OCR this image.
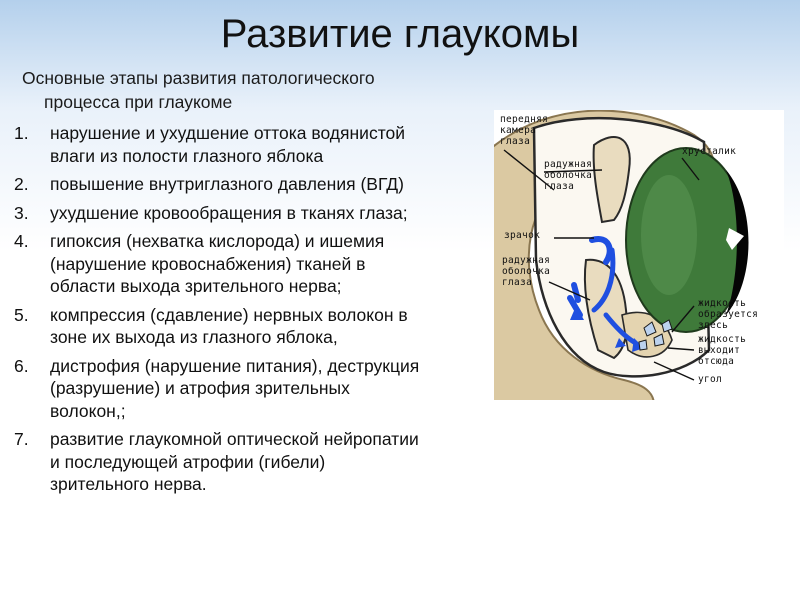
Развитие глаукомы
Основные этапы развития патологического
процесса при глаукоме
1.	нарушение и ухудшение оттока водянистой
влаги из полости глазного яблока
2.	повышение внутриглазного давления (ВГД)
3.	ухудшение кровообращения в тканях глаза;
4.	гипоксия (нехватка кислорода) и ишемия
(нарушение кровоснабжения) тканей в
области выхода зрительного нерва;
5.	компрессия (сдавление) нервных волокон в
зоне их выхода из глазного яблока,
6.	дистрофия (нарушение питания), деструкция
(разрушение) и атрофия зрительных
волокон,;
7.	развитие глаукомной оптической нейропатии
и последующей атрофии (гибели)
зрительного нерва.
передняя
камера
глаза
радужная
оболочка
глаза
хрусталик
зрачок
радужная
оболочка
глаза
жидкость
образуется
здесь
жидкость
выходит
отсюда
угол
